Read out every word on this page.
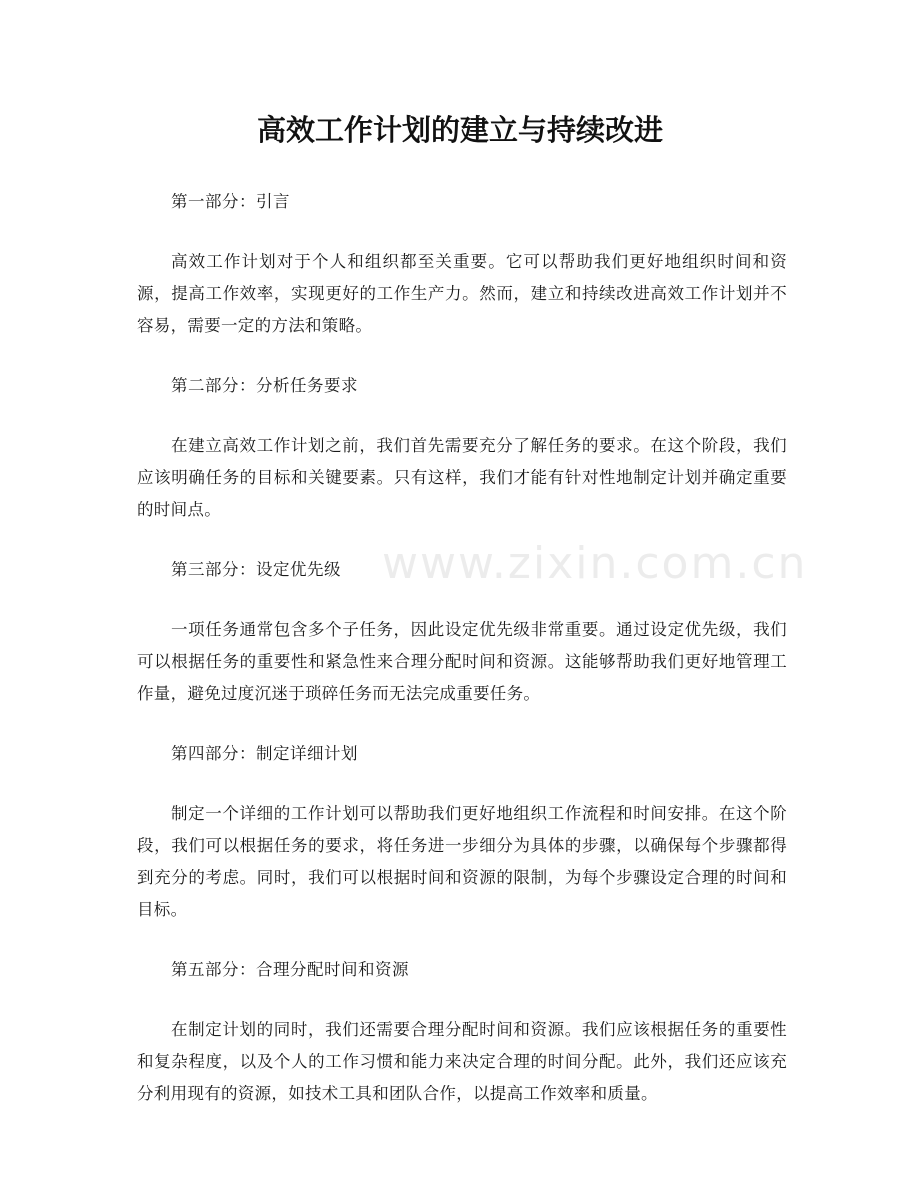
高效工作计划的建立与持续改进
www.zixin.com.cn

第一部分：引言

高效工作计划对于个人和组织都至关重要。它可以帮助我们更好地组织时间和资源，提高工作效率，实现更好的工作生产力。然而，建立和持续改进高效工作计划并不容易，需要一定的方法和策略。

第二部分：分析任务要求

在建立高效工作计划之前，我们首先需要充分了解任务的要求。在这个阶段，我们应该明确任务的目标和关键要素。只有这样，我们才能有针对性地制定计划并确定重要的时间点。

第三部分：设定优先级

一项任务通常包含多个子任务，因此设定优先级非常重要。通过设定优先级，我们可以根据任务的重要性和紧急性来合理分配时间和资源。这能够帮助我们更好地管理工作量，避免过度沉迷于琐碎任务而无法完成重要任务。

第四部分：制定详细计划

制定一个详细的工作计划可以帮助我们更好地组织工作流程和时间安排。在这个阶段，我们可以根据任务的要求，将任务进一步细分为具体的步骤，以确保每个步骤都得到充分的考虑。同时，我们可以根据时间和资源的限制，为每个步骤设定合理的时间和目标。

第五部分：合理分配时间和资源

在制定计划的同时，我们还需要合理分配时间和资源。我们应该根据任务的重要性和复杂程度，以及个人的工作习惯和能力来决定合理的时间分配。此外，我们还应该充分利用现有的资源，如技术工具和团队合作，以提高工作效率和质量。
